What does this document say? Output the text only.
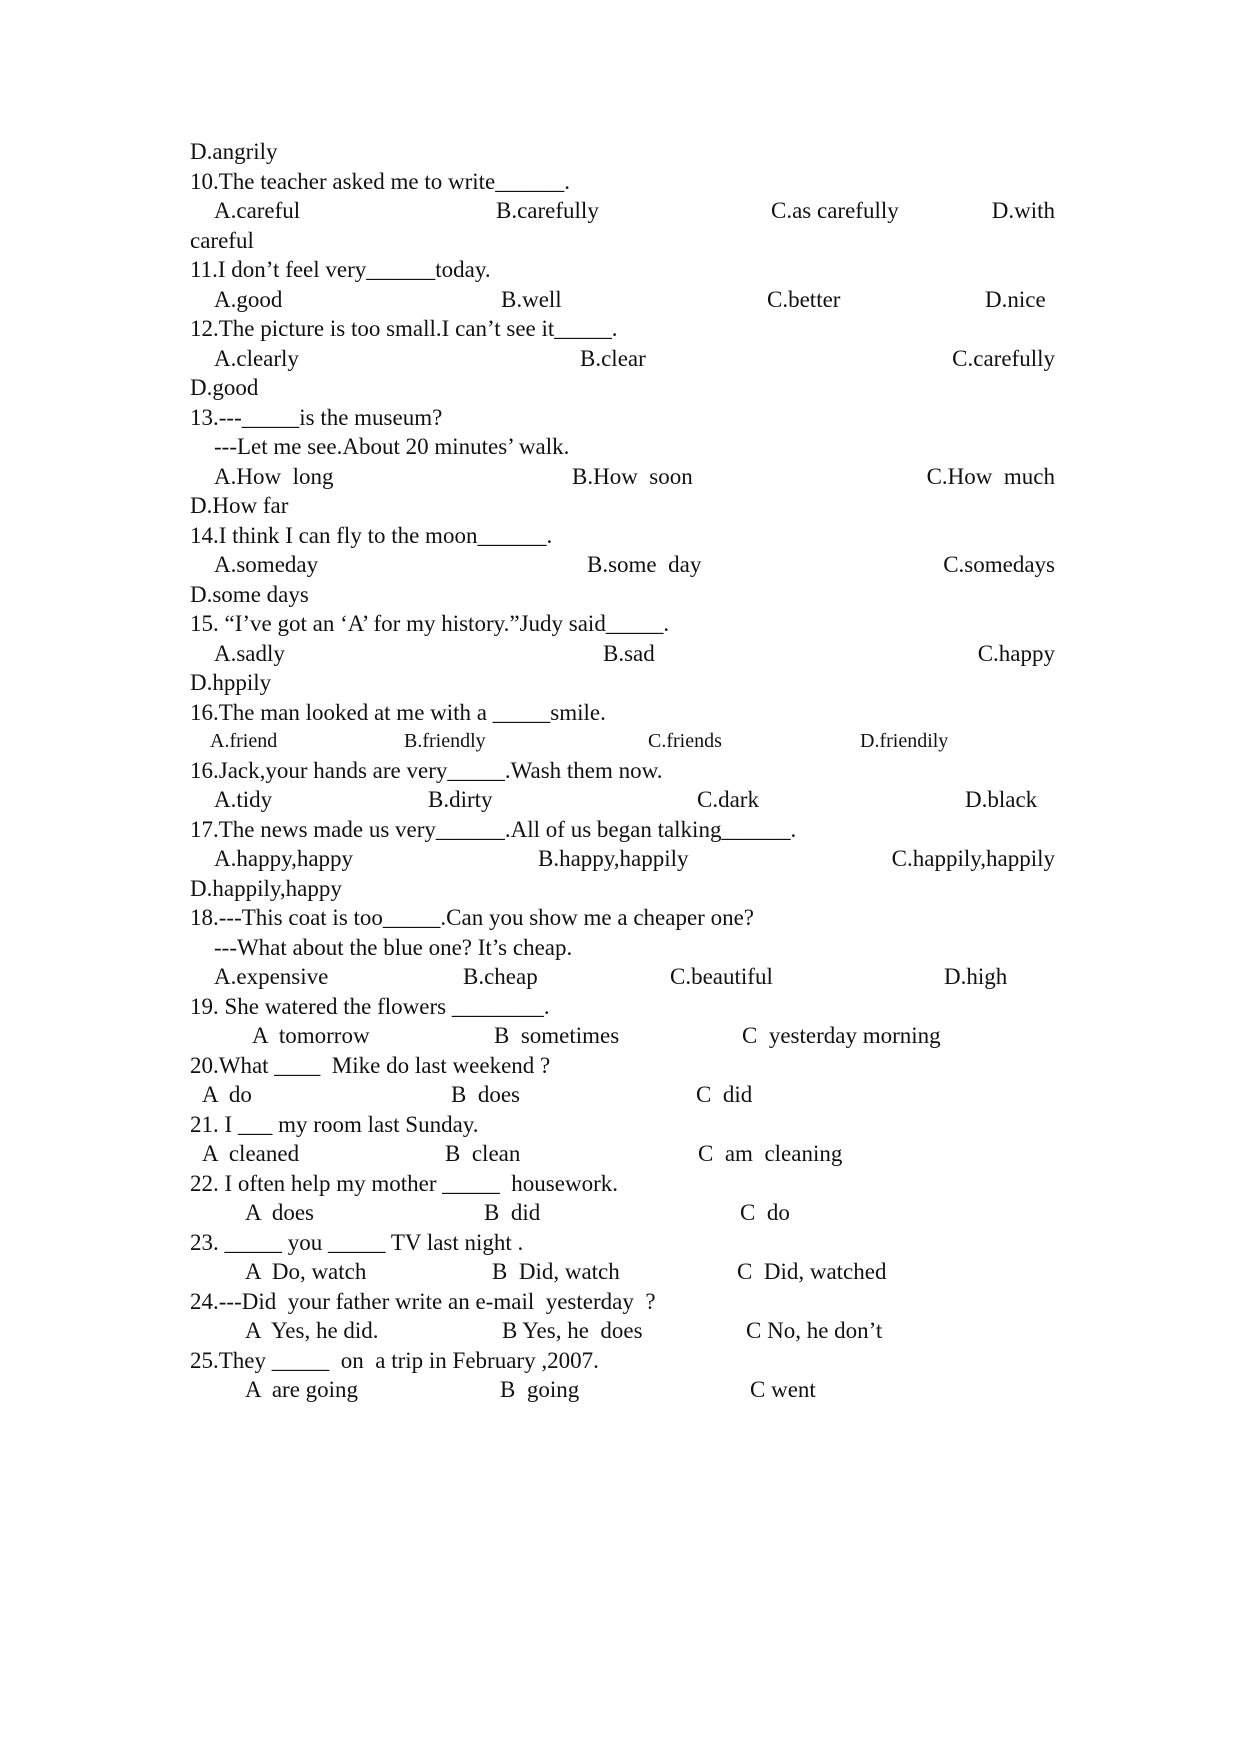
D.angrily
10.The teacher asked me to write______.
A.careful	B.carefully	C.as carefully	D.with
careful
11.I don’t feel very______today.
A.good	B.well	C.better	D.nice
12.The picture is too small.I can’t see it_____.
A.clearly	B.clear	C.carefully
D.good
13.---_____is the museum?
---Let me see.About 20 minutes’ walk.
A.How  long	B.How  soon	C.How  much
D.How far
14.I think I can fly to the moon______.
A.someday	B.some  day	C.somedays
D.some days
15. “I’ve got an ‘A’ for my history.”Judy said_____.
A.sadly	B.sad	C.happy
D.hppily
16.The man looked at me with a _____smile.
A.friend	B.friendly	C.friends	D.friendily
16.Jack,your hands are very_____.Wash them now.
A.tidy	B.dirty	C.dark	D.black
17.The news made us very______.All of us began talking______.
A.happy,happy	B.happy,happily	C.happily,happily
D.happily,happy
18.---This coat is too_____.Can you show me a cheaper one?
---What about the blue one? It’s cheap.
A.expensive	B.cheap	C.beautiful	D.high
19. She watered the flowers ________.
A  tomorrow	B  sometimes	C  yesterday morning
20.What ____  Mike do last weekend ?
A  do	B  does	C  did
21. I ___ my room last Sunday.
A  cleaned	B  clean	C  am  cleaning
22. I often help my mother _____  housework.
A  does	B  did	C  do
23. _____ you _____ TV last night .
A  Do, watch	B  Did, watch	C  Did, watched
24.---Did  your father write an e-mail  yesterday  ?
A  Yes, he did.	B Yes, he  does	C No, he don’t
25.They _____  on  a trip in February ,2007.
A  are going	B  going	C went
